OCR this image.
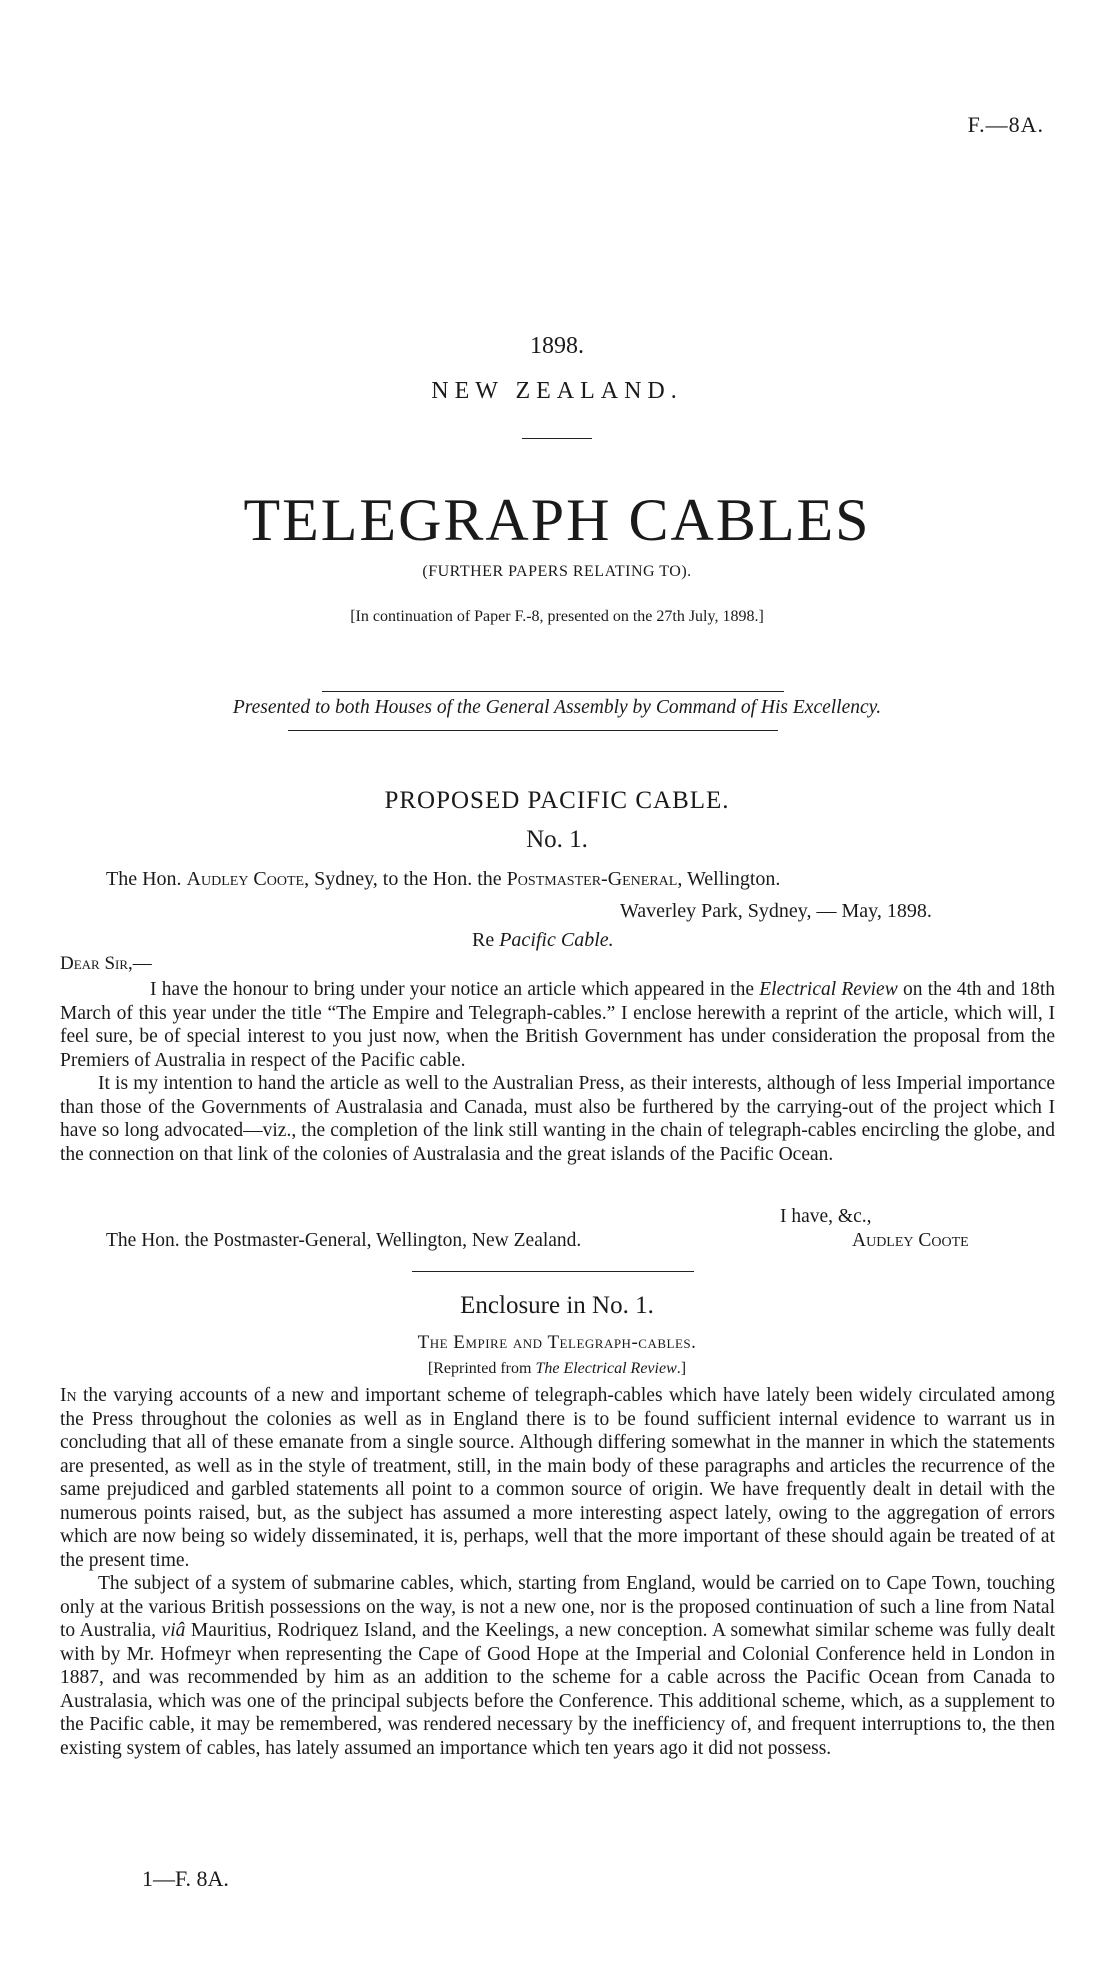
F.—8A.
1898.
NEW ZEALAND.
TELEGRAPH CABLES
(FURTHER PAPERS RELATING TO).
[In continuation of Paper F.-8, presented on the 27th July, 1898.]
Presented to both Houses of the General Assembly by Command of His Excellency.
PROPOSED PACIFIC CABLE.
No. 1.
The Hon. Audley Coote, Sydney, to the Hon. the Postmaster-General, Wellington.
Waverley Park, Sydney, — May, 1898.
Re Pacific Cable.
Dear Sir,—

I have the honour to bring under your notice an article which appeared in the Electrical Review on the 4th and 18th March of this year under the title “The Empire and Telegraph-cables.” I enclose herewith a reprint of the article, which will, I feel sure, be of special interest to you just now, when the British Government has under consideration the proposal from the Premiers of Australia in respect of the Pacific cable.

It is my intention to hand the article as well to the Australian Press, as their interests, although of less Imperial importance than those of the Governments of Australasia and Canada, must also be furthered by the carrying-out of the project which I have so long advocated—viz., the completion of the link still wanting in the chain of telegraph-cables encircling the globe, and the connection on that link of the colonies of Australasia and the great islands of the Pacific Ocean.

I have, &c.,
The Hon. the Postmaster-General, Wellington, New Zealand.	Audley Coote
Enclosure in No. 1.
The Empire and Telegraph-cables.
[Reprinted from The Electrical Review.]

In the varying accounts of a new and important scheme of telegraph-cables which have lately been widely circulated among the Press throughout the colonies as well as in England there is to be found sufficient internal evidence to warrant us in concluding that all of these emanate from a single source. Although differing somewhat in the manner in which the statements are presented, as well as in the style of treatment, still, in the main body of these paragraphs and articles the recurrence of the same prejudiced and garbled statements all point to a common source of origin. We have frequently dealt in detail with the numerous points raised, but, as the subject has assumed a more interesting aspect lately, owing to the aggregation of errors which are now being so widely disseminated, it is, perhaps, well that the more important of these should again be treated of at the present time.

The subject of a system of submarine cables, which, starting from England, would be carried on to Cape Town, touching only at the various British possessions on the way, is not a new one, nor is the proposed continuation of such a line from Natal to Australia, viâ Mauritius, Rodriquez Island, and the Keelings, a new conception. A somewhat similar scheme was fully dealt with by Mr. Hofmeyr when representing the Cape of Good Hope at the Imperial and Colonial Conference held in London in 1887, and was recommended by him as an addition to the scheme for a cable across the Pacific Ocean from Canada to Australasia, which was one of the principal subjects before the Conference. This additional scheme, which, as a supplement to the Pacific cable, it may be remembered, was rendered necessary by the inefficiency of, and frequent interruptions to, the then existing system of cables, has lately assumed an importance which ten years ago it did not possess.

1—F. 8A.
